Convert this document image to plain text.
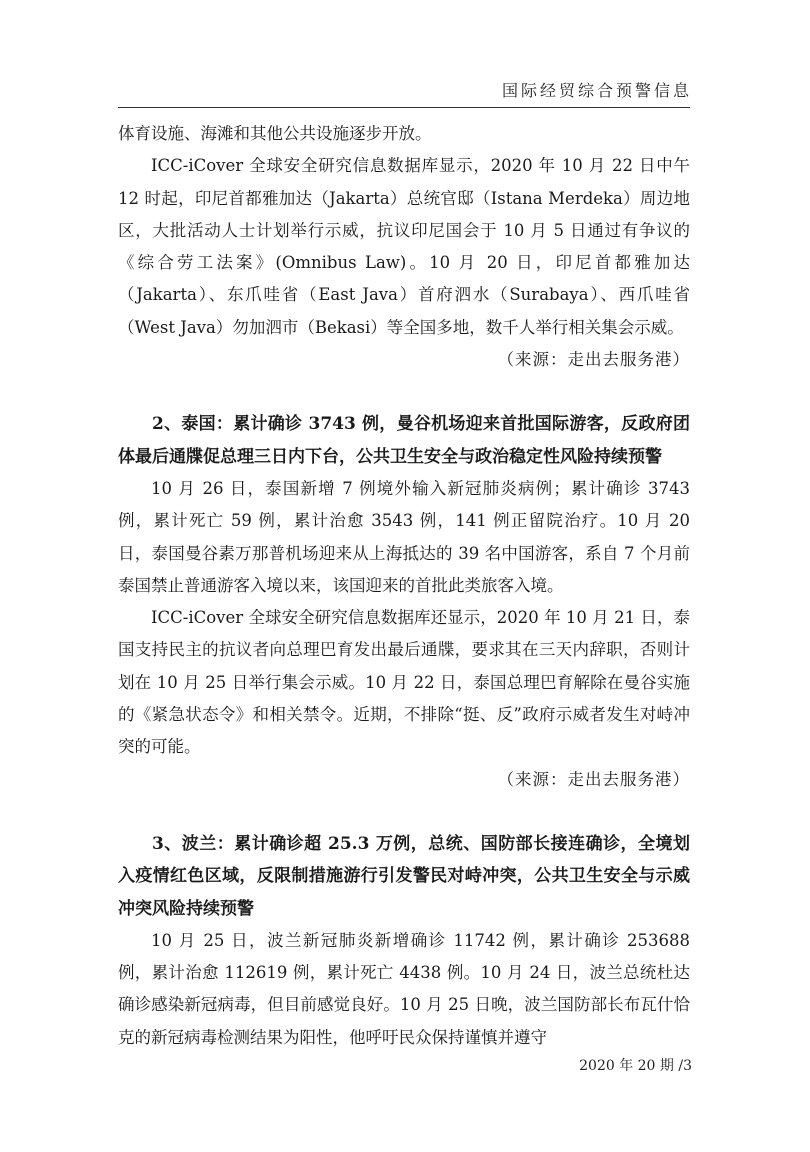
国际经贸综合预警信息

体育设施、海滩和其他公共设施逐步开放。

ICC-iCover 全球安全研究信息数据库显示，2020 年 10 月 22 日中午 12 时起，印尼首都雅加达（Jakarta）总统官邸（Istana Merdeka）周边地区，大批活动人士计划举行示威，抗议印尼国会于 10 月 5 日通过有争议的《综合劳工法案》(Omnibus Law)。10 月 20 日，印尼首都雅加达（Jakarta）、东爪哇省（East Java）首府泗水（Surabaya）、西爪哇省（West Java）勿加泗市（Bekasi）等全国多地，数千人举行相关集会示威。
（来源：走出去服务港）

2、泰国：累计确诊 3743 例，曼谷机场迎来首批国际游客，反政府团体最后通牒促总理三日内下台，公共卫生安全与政治稳定性风险持续预警

10 月 26 日，泰国新增 7 例境外输入新冠肺炎病例；累计确诊 3743 例，累计死亡 59 例，累计治愈 3543 例，141 例正留院治疗。10 月 20 日，泰国曼谷素万那普机场迎来从上海抵达的 39 名中国游客，系自 7 个月前泰国禁止普通游客入境以来，该国迎来的首批此类旅客入境。

ICC-iCover 全球安全研究信息数据库还显示，2020 年 10 月 21 日，泰国支持民主的抗议者向总理巴育发出最后通牒，要求其在三天内辞职，否则计划在 10 月 25 日举行集会示威。10 月 22 日，泰国总理巴育解除在曼谷实施的《紧急状态令》和相关禁令。近期，不排除“挺、反”政府示威者发生对峙冲突的可能。
（来源：走出去服务港）

3、波兰：累计确诊超 25.3 万例，总统、国防部长接连确诊，全境划入疫情红色区域，反限制措施游行引发警民对峙冲突，公共卫生安全与示威冲突风险持续预警

10 月 25 日，波兰新冠肺炎新增确诊 11742 例，累计确诊 253688 例，累计治愈 112619 例，累计死亡 4438 例。10 月 24 日，波兰总统杜达确诊感染新冠病毒，但目前感觉良好。10 月 25 日晚，波兰国防部长布瓦什恰克的新冠病毒检测结果为阳性，他呼吁民众保持谨慎并遵守

2020 年 20 期 /3
